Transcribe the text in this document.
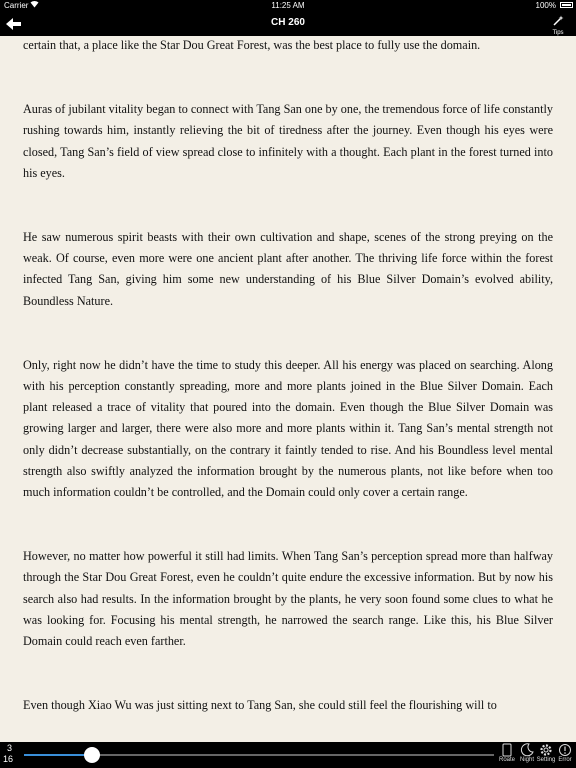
Carrier	11:25 AM	100%
CH 260
Tips

certain that, a place like the Star Dou Great Forest, was the best place to fully use the domain.

Auras of jubilant vitality began to connect with Tang San one by one, the tremendous force of life constantly rushing towards him, instantly relieving the bit of tiredness after the journey. Even though his eyes were closed, Tang San’s field of view spread close to infinitely with a thought. Each plant in the forest turned into his eyes.

He saw numerous spirit beasts with their own cultivation and shape, scenes of the strong preying on the weak. Of course, even more were one ancient plant after another. The thriving life force within the forest infected Tang San, giving him some new understanding of his Blue Silver Domain’s evolved ability, Boundless Nature.

Only, right now he didn’t have the time to study this deeper. All his energy was placed on searching. Along with his perception constantly spreading, more and more plants joined in the Blue Silver Domain. Each plant released a trace of vitality that poured into the domain. Even though the Blue Silver Domain was growing larger and larger, there were also more and more plants within it. Tang San’s mental strength not only didn’t decrease substantially, on the contrary it faintly tended to rise. And his Boundless level mental strength also swiftly analyzed the information brought by the numerous plants, not like before when too much information couldn’t be controlled, and the Domain could only cover a certain range.

However, no matter how powerful it still had limits. When Tang San’s perception spread more than halfway through the Star Dou Great Forest, even he couldn’t quite endure the excessive information. But by now his search also had results. In the information brought by the plants, he very soon found some clues to what he was looking for. Focusing his mental strength, he narrowed the search range. Like this, his Blue Silver Domain could reach even farther.

Even though Xiao Wu was just sitting next to Tang San, she could still feel the flourishing will to

3
16	Roate Night Setting Error
